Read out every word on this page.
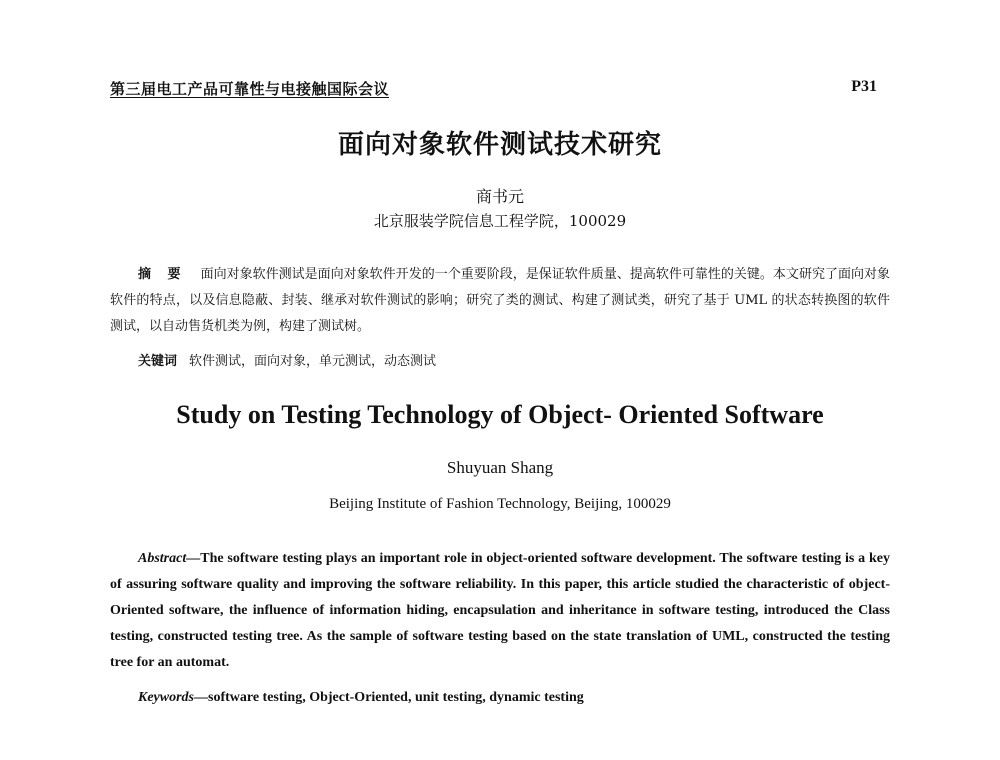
第三届电工产品可靠性与电接触国际会议	P31
面向对象软件测试技术研究
商书元
北京服装学院信息工程学院，100029
摘 要 面向对象软件测试是面向对象软件开发的一个重要阶段，是保证软件质量、提高软件可靠性的关键。本文研究了面向对象软件的特点，以及信息隐蔽、封装、继承对软件测试的影响；研究了类的测试、构建了测试类，研究了基于 UML 的状态转换图的软件测试，以自动售货机类为例，构建了测试树。
关键词 软件测试，面向对象，单元测试，动态测试
Study on Testing Technology of Object- Oriented Software
Shuyuan Shang
Beijing Institute of Fashion Technology, Beijing, 100029
Abstract—The software testing plays an important role in object-oriented software development. The software testing is a key of assuring software quality and improving the software reliability. In this paper, this article studied the characteristic of object-Oriented software, the influence of information hiding, encapsulation and inheritance in software testing, introduced the Class testing, constructed testing tree. As the sample of software testing based on the state translation of UML, constructed the testing tree for an automat.
Keywords—software testing, Object-Oriented, unit testing, dynamic testing
